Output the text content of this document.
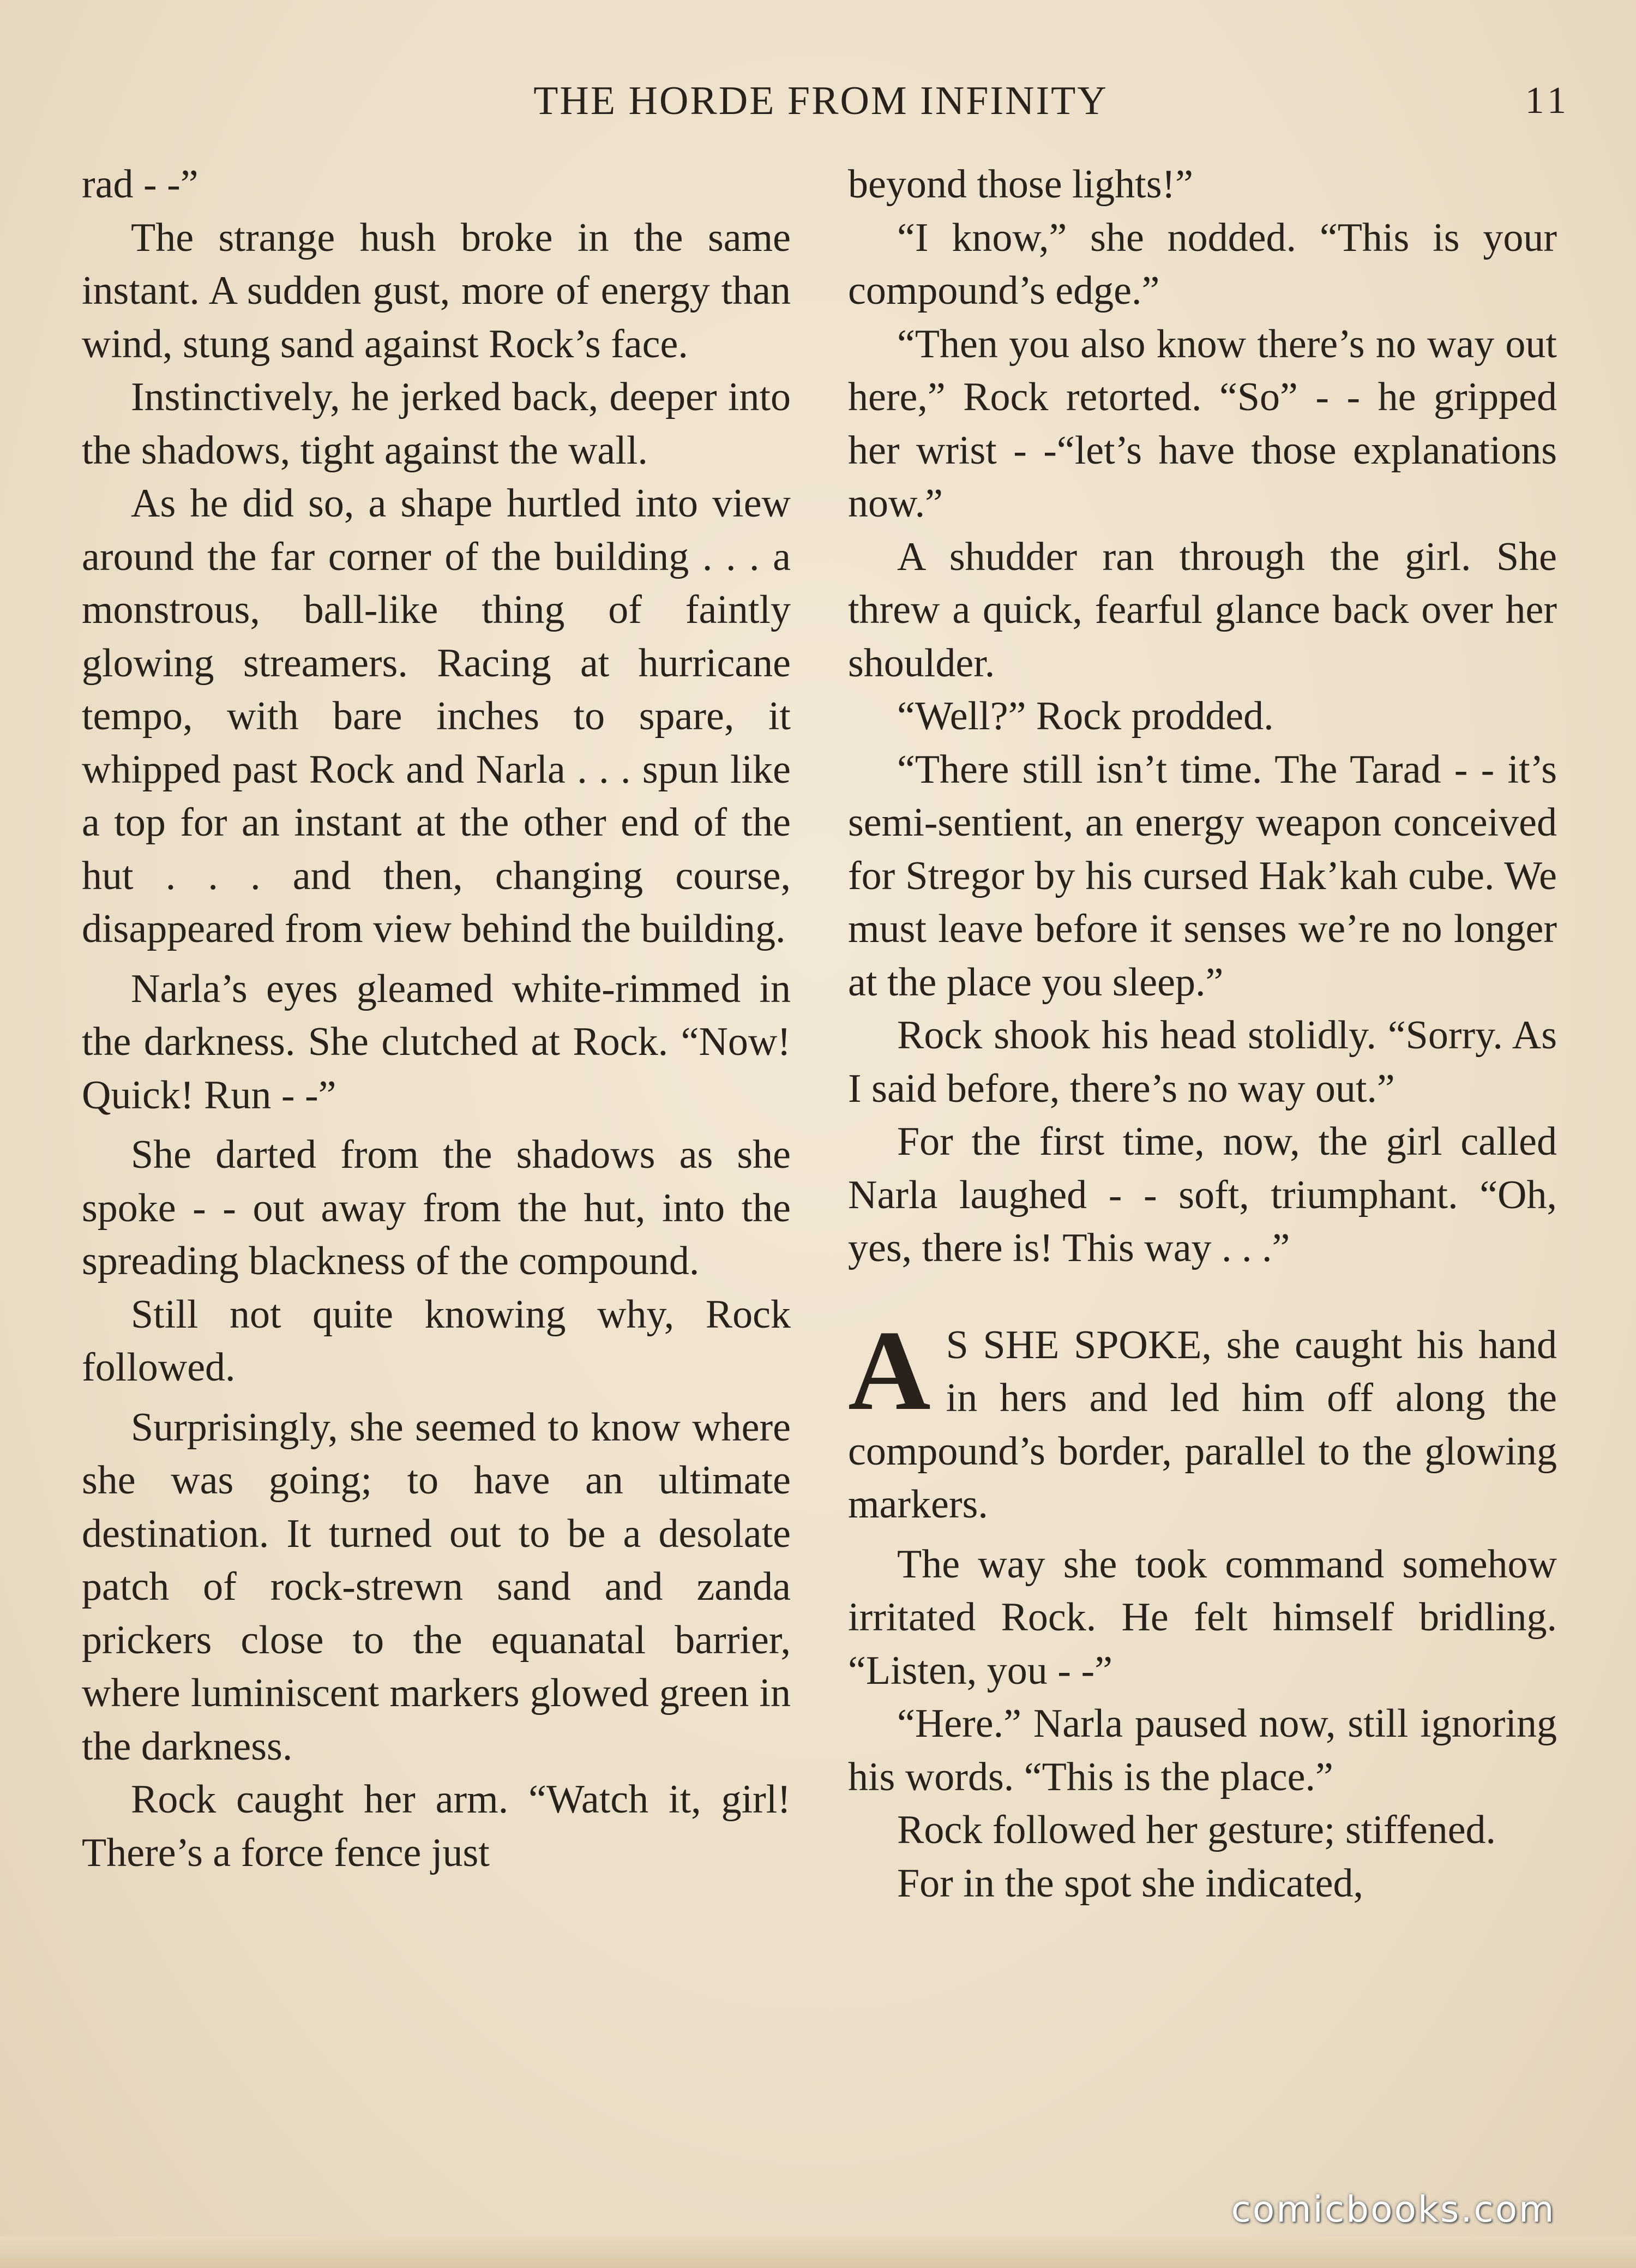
THE HORDE FROM INFINITY	11

rad - -”

The strange hush broke in the same instant. A sudden gust, more of energy than wind, stung sand against Rock’s face.

Instinctively, he jerked back, deeper into the shadows, tight against the wall.

As he did so, a shape hurtled into view around the far corner of the building . . . a monstrous, ball-like thing of faintly glowing streamers. Racing at hurricane tempo, with bare inches to spare, it whipped past Rock and Narla . . . spun like a top for an instant at the other end of the hut . . . and then, changing course, disappeared from view behind the building.

Narla’s eyes gleamed white-rimmed in the darkness. She clutched at Rock. “Now! Quick! Run - -”

She darted from the shadows as she spoke - - out away from the hut, into the spreading blackness of the compound.

Still not quite knowing why, Rock followed.

Surprisingly, she seemed to know where she was going; to have an ultimate destination. It turned out to be a desolate patch of rock-strewn sand and zanda prickers close to the equanatal barrier, where luminiscent markers glowed green in the darkness.

Rock caught her arm. “Watch it, girl! There’s a force fence just

beyond those lights!”

“I know,” she nodded. “This is your compound’s edge.”

“Then you also know there’s no way out here,” Rock retorted. “So” - - he gripped her wrist - -“let’s have those explanations now.”

A shudder ran through the girl. She threw a quick, fearful glance back over her shoulder.

“Well?” Rock prodded.

“There still isn’t time. The Tarad - - it’s semi-sentient, an energy weapon conceived for Stregor by his cursed Hak’kah cube. We must leave before it senses we’re no longer at the place you sleep.”

Rock shook his head stolidly. “Sorry. As I said before, there’s no way out.”

For the first time, now, the girl called Narla laughed - - soft, triumphant. “Oh, yes, there is! This way . . .”

A S SHE SPOKE, she caught his hand in hers and led him off along the compound’s border, parallel to the glowing markers.

The way she took command somehow irritated Rock. He felt himself bridling. “Listen, you - -”

“Here.” Narla paused now, still ignoring his words. “This is the place.”

Rock followed her gesture; stiffened.

For in the spot she indicated,

comicbooks.com
